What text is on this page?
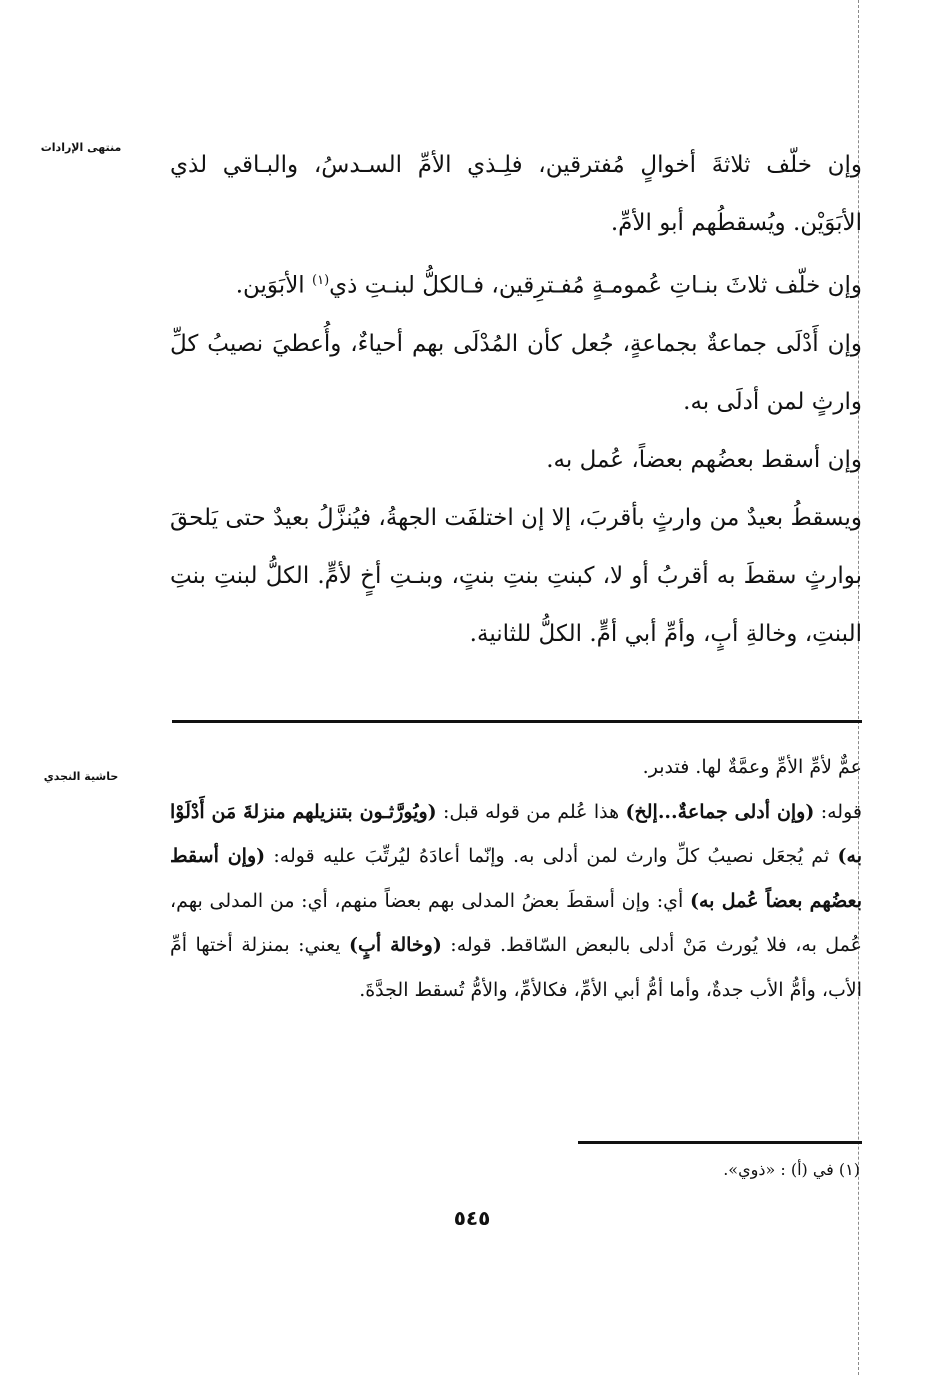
منتهى الإرادات
حاشية النجدي

وإن خلّف ثلاثةَ أخوالٍ مُفترقين، فلِـذي الأمِّ السـدسُ، والبـاقي لذي الأبَوَيْن. ويُسقطُهم أبو الأمِّ.

وإن خلّف ثلاثَ بنـاتِ عُمومـةٍ مُفـترِقين، فـالكلُّ لبنـتِ ذي$^{(١)}$ الأبَوَين.

وإن أَدْلَى جماعةٌ بجماعةٍ، جُعل كأن المُدْلَى بهم أحياءٌ، وأُعطيَ نصيبُ كلِّ وارثٍ لمن أدلَى به.

وإن أسقط بعضُهم بعضاً، عُمل به.

ويسقطُ بعيدٌ من وارثٍ بأقربَ، إلا إن اختلفَت الجهةُ، فيُنزَّلُ بعيدٌ حتى يَلحقَ بوارثٍ سقطَ به أقربُ أو لا، كبنتِ بنتِ بنتٍ، وبنـتِ أخٍ لأمٍّ. الكلُّ لبنتِ بنتِ البنتِ، وخالةِ أبٍ، وأمِّ أبي أمٍّ. الكلُّ للثانية.

عمٌّ لأمِّ الأمِّ وعمَّةٌ لها. فتدبر.

قوله: (وإن أدلى جماعةٌ...إلخ) هذا عُلم من قوله قبل: (ويُورَّثـون بتنزيلهم منزلةَ مَن أَدْلَوْا به) ثم يُجعَل نصيبُ كلِّ وارث لمن أدلى به. وإنّما أعادَهُ ليُرتِّبَ عليه قوله: (وإن أسقط بعضُهم بعضاً عُمل به) أي: وإن أسقطَ بعضُ المدلى بهم بعضاً منهم، أي: من المدلى بهم، عُمل به، فلا يُورث مَنْ أدلى بالبعض السّاقط. قوله: (وخالة أبٍ) يعني: بمنزلة أختها أمِّ الأب، وأمُّ الأب جدةٌ، وأما أمُّ أبي الأمِّ، فكالأمِّ، والأمُّ تُسقط الجدَّةَ.

(١) في (أ) : «ذوي».
٥٤٥
